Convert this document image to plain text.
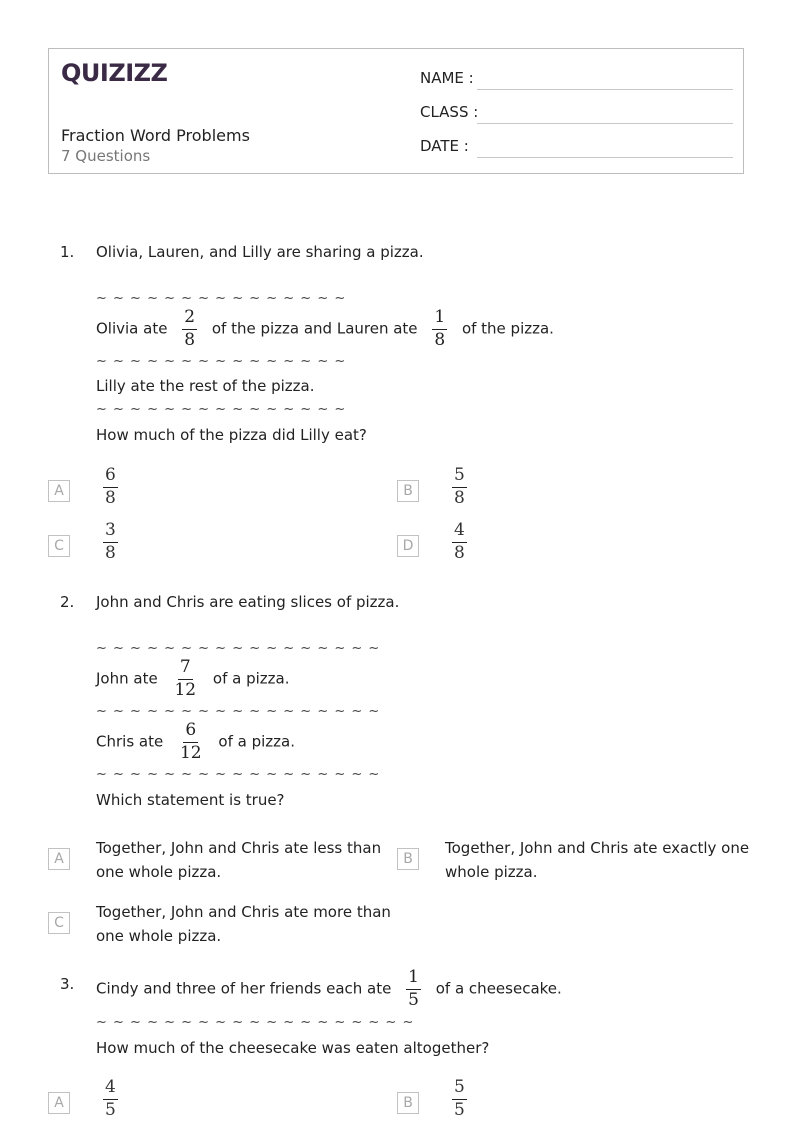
QUIZIZZ
Fraction Word Problems
7 Questions
NAME :
CLASS :
DATE :
1. Olivia, Lauren, and Lilly are sharing a pizza.
~ ~ ~ ~ ~ ~ ~ ~ ~ ~ ~ ~ ~ ~ ~
Olivia ate $\frac{2}{8}$ of the pizza and Lauren ate $\frac{1}{8}$ of the pizza.
~ ~ ~ ~ ~ ~ ~ ~ ~ ~ ~ ~ ~ ~ ~
Lilly ate the rest of the pizza.
~ ~ ~ ~ ~ ~ ~ ~ ~ ~ ~ ~ ~ ~ ~
How much of the pizza did Lilly eat?
A	$\frac{6}{8}$	B	$\frac{5}{8}$
C	$\frac{3}{8}$	D	$\frac{4}{8}$
2. John and Chris are eating slices of pizza.
~ ~ ~ ~ ~ ~ ~ ~ ~ ~ ~ ~ ~ ~ ~ ~ ~
John ate $\frac{7}{12}$ of a pizza.
~ ~ ~ ~ ~ ~ ~ ~ ~ ~ ~ ~ ~ ~ ~ ~ ~
Chris ate $\frac{6}{12}$ of a pizza.
~ ~ ~ ~ ~ ~ ~ ~ ~ ~ ~ ~ ~ ~ ~ ~ ~
Which statement is true?
A
Together, John and Chris ate less than
one whole pizza.
B
Together, John and Chris ate exactly one
whole pizza.
C
Together, John and Chris ate more than
one whole pizza.
3. Cindy and three of her friends each ate $\frac{1}{5}$ of a cheesecake.
~ ~ ~ ~ ~ ~ ~ ~ ~ ~ ~ ~ ~ ~ ~ ~ ~ ~ ~
How much of the cheesecake was eaten altogether?
A	$\frac{4}{5}$	B	$\frac{5}{5}$
